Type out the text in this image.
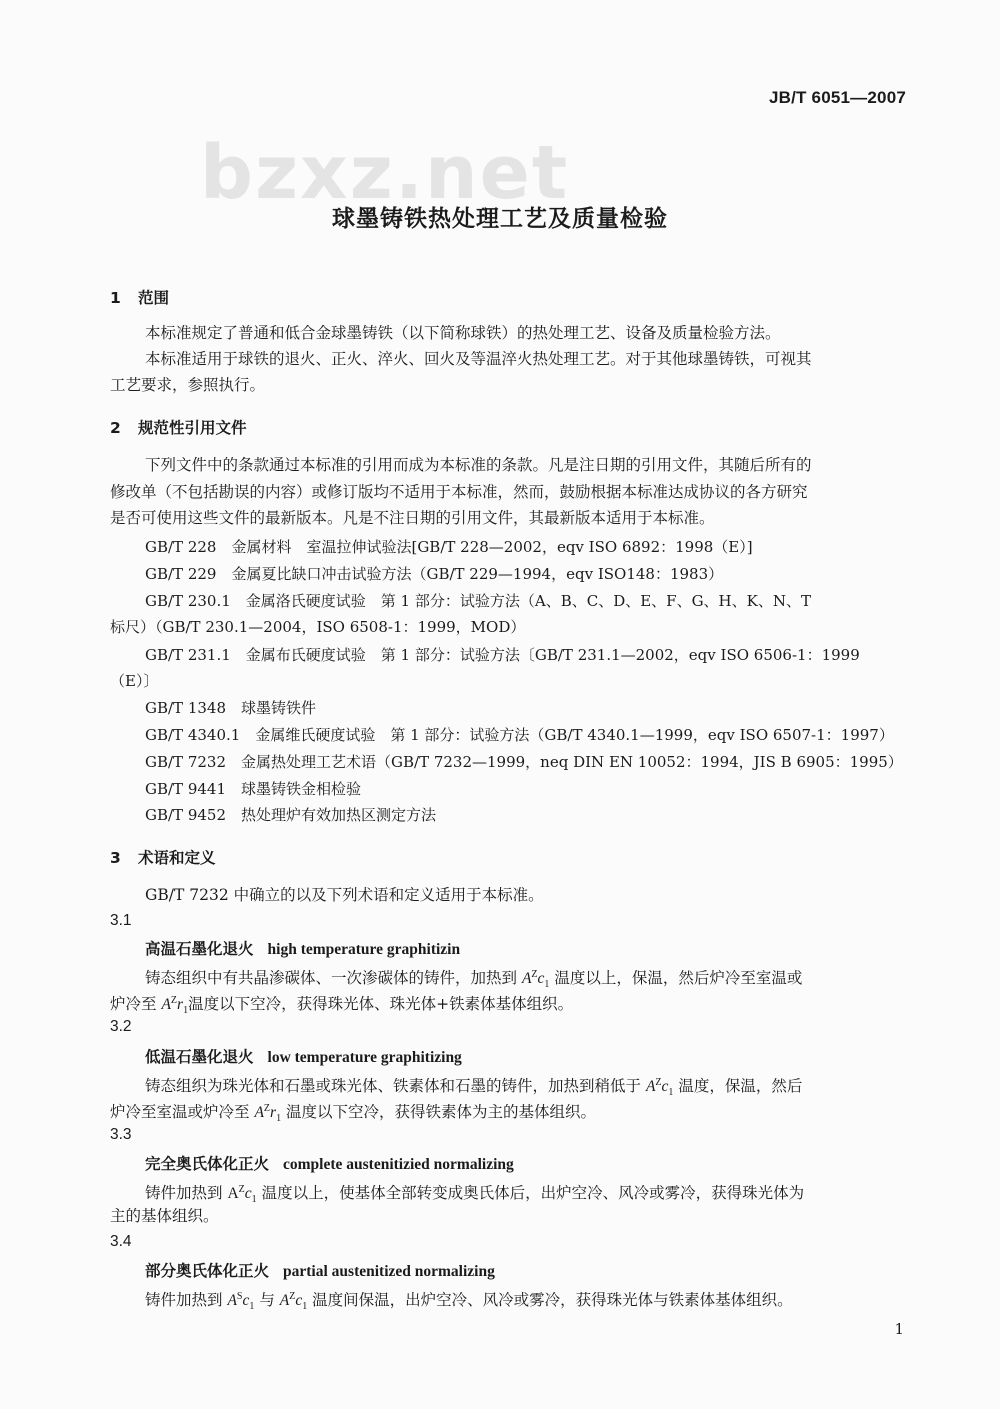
bzxz.net
JB/T 6051—2007
球墨铸铁热处理工艺及质量检验
1 范围
本标准规定了普通和低合金球墨铸铁（以下简称球铁）的热处理工艺、设备及质量检验方法。
本标准适用于球铁的退火、正火、淬火、回火及等温淬火热处理工艺。对于其他球墨铸铁，可视其
工艺要求，参照执行。
2 规范性引用文件
下列文件中的条款通过本标准的引用而成为本标准的条款。凡是注日期的引用文件，其随后所有的
修改单（不包括勘误的内容）或修订版均不适用于本标准，然而，鼓励根据本标准达成协议的各方研究
是否可使用这些文件的最新版本。凡是不注日期的引用文件，其最新版本适用于本标准。
GB/T 228　金属材料　室温拉伸试验法[GB/T 228—2002，eqv ISO 6892：1998（E）]
GB/T 229　金属夏比缺口冲击试验方法（GB/T 229—1994，eqv ISO148：1983）
GB/T 230.1　金属洛氏硬度试验　第 1 部分：试验方法（A、B、C、D、E、F、G、H、K、N、T
标尺）（GB/T 230.1—2004，ISO 6508-1：1999，MOD）
GB/T 231.1　金属布氏硬度试验　第 1 部分：试验方法〔GB/T 231.1—2002，eqv ISO 6506-1：1999
（E）〕
GB/T 1348　球墨铸铁件
GB/T 4340.1　金属维氏硬度试验　第 1 部分：试验方法（GB/T 4340.1—1999，eqv ISO 6507-1：1997）
GB/T 7232　金属热处理工艺术语（GB/T 7232—1999，neq DIN EN 10052：1994，JIS B 6905：1995）
GB/T 9441　球墨铸铁金相检验
GB/T 9452　热处理炉有效加热区测定方法
3 术语和定义
GB/T 7232 中确立的以及下列术语和定义适用于本标准。
3.1
高温石墨化退火 high temperature graphitizin
铸态组织中有共晶渗碳体、一次渗碳体的铸件，加热到 $A^Zc_1$ 温度以上，保温，然后炉冷至室温或
炉冷至 $A^Zr_1$温度以下空冷，获得珠光体、珠光体+铁素体基体组织。
3.2
低温石墨化退火 low temperature graphitizing
铸态组织为珠光体和石墨或珠光体、铁素体和石墨的铸件，加热到稍低于 $A^Zc_1$ 温度，保温，然后
炉冷至室温或炉冷至 $A^Zr_1$ 温度以下空冷，获得铁素体为主的基体组织。
3.3
完全奥氏体化正火 complete austenitizied normalizing
铸件加热到 $A^Zc_1$ 温度以上，使基体全部转变成奥氏体后，出炉空冷、风冷或雾冷，获得珠光体为
主的基体组织。
3.4
部分奥氏体化正火 partial austenitized normalizing
铸件加热到 $A^Sc_1$ 与 $A^Zc_1$ 温度间保温，出炉空冷、风冷或雾冷，获得珠光体与铁素体基体组织。
1
